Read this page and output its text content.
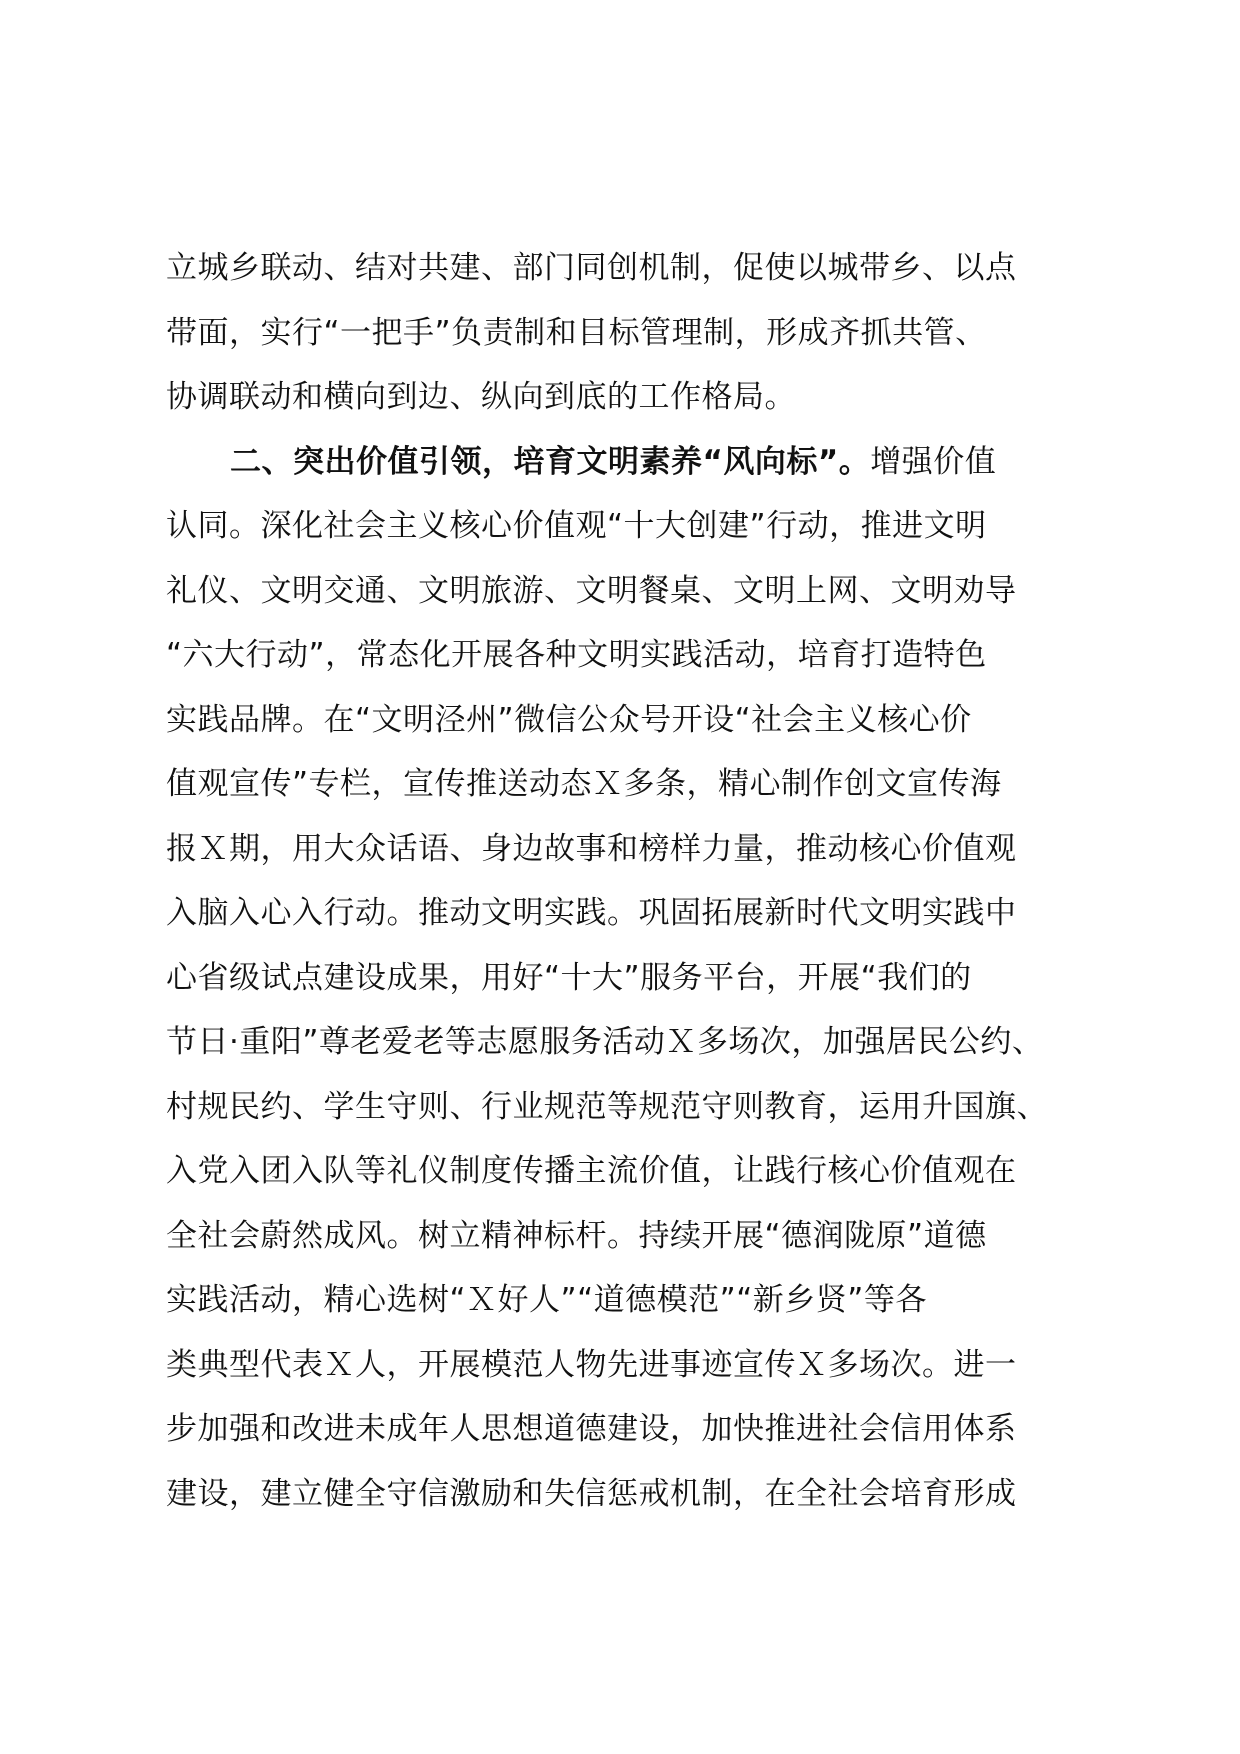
立城乡联动、结对共建、部门同创机制，促使以城带乡、以点
带面，实行“一把手”负责制和目标管理制，形成齐抓共管、
协调联动和横向到边、纵向到底的工作格局。
二、突出价值引领，培育文明素养“风向标”。增强价值
认同。深化社会主义核心价值观“十大创建”行动，推进文明
礼仪、文明交通、文明旅游、文明餐桌、文明上网、文明劝导
“六大行动”，常态化开展各种文明实践活动，培育打造特色
实践品牌。在“文明泾州”微信公众号开设“社会主义核心价
值观宣传”专栏，宣传推送动态Ｘ多条，精心制作创文宣传海
报Ｘ期，用大众话语、身边故事和榜样力量，推动核心价值观
入脑入心入行动。推动文明实践。巩固拓展新时代文明实践中
心省级试点建设成果，用好“十大”服务平台，开展“我们的
节日·重阳”尊老爱老等志愿服务活动Ｘ多场次，加强居民公约、
村规民约、学生守则、行业规范等规范守则教育，运用升国旗、
入党入团入队等礼仪制度传播主流价值，让践行核心价值观在
全社会蔚然成风。树立精神标杆。持续开展“德润陇原”道德
实践活动，精心选树“Ｘ好人”“道德模范”“新乡贤”等各
类典型代表Ｘ人，开展模范人物先进事迹宣传Ｘ多场次。进一
步加强和改进未成年人思想道德建设，加快推进社会信用体系
建设，建立健全守信激励和失信惩戒机制，在全社会培育形成
